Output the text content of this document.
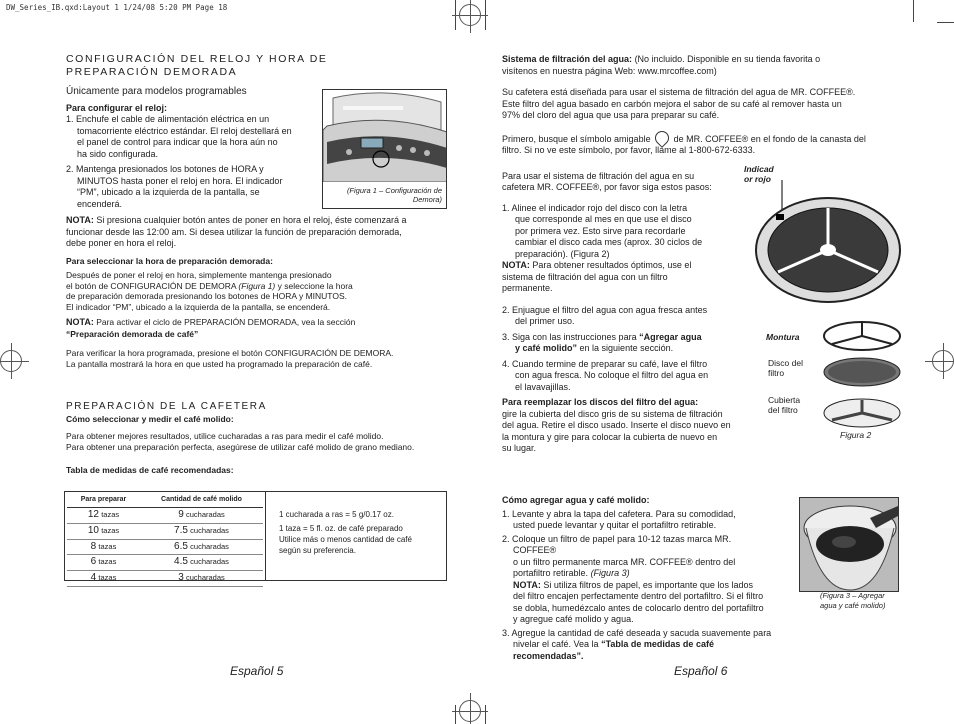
DW_Series_IB.qxd:Layout 1 1/24/08 5:20 PM Page 18
CONFIGURACIÓN DEL RELOJ Y HORA DE
PREPARACIÓN DEMORADA
Únicamente para modelos programables
Para configurar el reloj:

1. Enchufe el cable de alimentación eléctrica en un

tomacorriente eléctrico estándar. El reloj destellará en

el panel de control para indicar que la hora aún no

ha sido configurada.

2. Mantenga presionados los botones de HORA y

MINUTOS hasta poner el reloj en hora. El indicador

“PM”, ubicado a la izquierda de la pantalla, se

encenderá.

NOTA: Si presiona cualquier botón antes de poner en hora el reloj, éste comenzará a

funcionar desde las 12:00 am. Si desea utilizar la función de preparación demorada,

debe poner en hora el reloj.

Para seleccionar la hora de preparación demorada:

Después de poner el reloj en hora, simplemente mantenga presionado

el botón de CONFIGURACIÓN DE DEMORA (Figura 1) y seleccione la hora

de preparación demorada presionando los botones de HORA y MINUTOS.

El indicador “PM”, ubicado a la izquierda de la pantalla, se encenderá.

NOTA: Para activar el ciclo de PREPARACIÓN DEMORADA, vea la sección

“Preparación demorada de café”

Para verificar la hora programada, presione el botón CONFIGURACIÓN DE DEMORA.

La pantalla mostrará la hora en que usted ha programado la preparación de café.

PREPARACIÓN DE LA CAFETERA
Cómo seleccionar y medir el café molido:

Para obtener mejores resultados, utilice cucharadas a ras para medir el café molido.

Para obtener una preparación perfecta, asegúrese de utilizar café molido de grano mediano.

Tabla de medidas de café recomendadas:
(Figura 1 – Configuración de
Demora)
Para preparar	Cantidad de café molido
12 tazas	9 cucharadas
10 tazas	7.5 cucharadas
8 tazas	6.5 cucharadas
6 tazas	4.5 cucharadas
4 tazas	3 cucharadas
1 cucharada a ras = 5 g/0.17 oz.
1 taza = 5 fl. oz. de café preparado
Utilice más o menos cantidad de café
según su preferencia.
Español 5

Sistema de filtración del agua: (No incluido. Disponible en su tienda favorita o

visítenos en nuestra página Web: www.mrcoffee.com)

Su cafetera está diseñada para usar el sistema de filtración del agua de MR. COFFEE®.

Este filtro del agua basado en carbón mejora el sabor de su café al remover hasta un

97% del cloro del agua que usa para preparar su café.

Primero, busque el símbolo amigable	de MR. COFFEE® en el fondo de la canasta del

filtro. Si no ve este símbolo, por favor, llame al 1-800-672-6333.

Para usar el sistema de filtración del agua en su

cafetera MR. COFFEE®, por favor siga estos pasos:

1. Alinee el indicador rojo del disco con la letra

que corresponde al mes en que use el disco

por primera vez. Esto sirve para recordarle

cambiar el disco cada mes (aprox. 30 ciclos de

preparación). (Figura 2)

NOTA: Para obtener resultados óptimos, use el

sistema de filtración del agua con un filtro

permanente.

2. Enjuague el filtro del agua con agua fresca antes

del primer uso.

3. Siga con las instrucciones para “Agregar agua

y café molido” en la siguiente sección.

4. Cuando termine de preparar su café, lave el filtro

con agua fresca. No coloque el filtro del agua en

el lavavajillas.

Para reemplazar los discos del filtro del agua:

gire la cubierta del disco gris de su sistema de filtración

del agua. Retire el disco usado. Inserte el disco nuevo en

la montura y gire para colocar la cubierta de nuevo en

su lugar.

Indicad
or rojo
Montura
Disco del
filtro
Cubierta
del filtro
Figura 2

Cómo agregar agua y café molido:

1. Levante y abra la tapa del cafetera. Para su comodidad,

usted puede levantar y quitar el portafiltro retirable.

2. Coloque un filtro de papel para 10-12 tazas marca MR.

COFFEE®

o un filtro permanente marca MR. COFFEE® dentro del

portafiltro retirable. (Figura 3)

NOTA: Si utiliza filtros de papel, es importante que los lados

del filtro encajen perfectamente dentro del portafiltro. Si el filtro

se dobla, humedézcalo antes de colocarlo dentro del portafiltro

y agregue café molido y agua.

3. Agregue la cantidad de café deseada y sacuda suavemente para

nivelar el café. Vea la “Tabla de medidas de café

recomendadas”.

(Figura 3 – Agregar
agua y café molido)
Español 6
